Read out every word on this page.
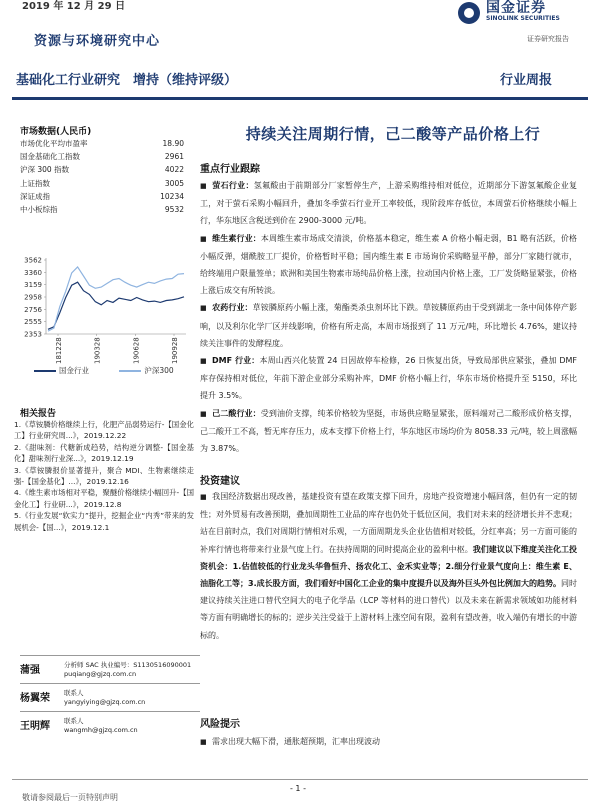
2019 年 12 月 29 日
资源与环境研究中心
国金证券
SINOLINK SECURITIES
证券研究报告
基础化工行业研究　增持（维持评级）	行业周报
市场数据(人民币)
市场优化平均市盈率	18.90
国金基础化工指数	2961
沪深 300 指数	4022
上证指数	3005
深证成指	10234
中小板综指	9532
3562
3360
3159
2958
2756
2555
2353
181228	190328	190628	190928
国金行业	沪深300
相关报告

1.《草铵膦价格继续上行，化肥产品弱势运行-【国金化工】行业研究周...》，2019.12.22

2.《甜味剂：代糖新成趋势，结构逆分调整-【国金基化】甜味剂行业深...》，2019.12.19

3.《草铵膦报价显著提升，聚合 MDI、生物素继续走强-【国金基化】...》，2019.12.16

4.《维生素市场相对平稳，聚醚价格继续小幅回升-【国金化工】行业研...》，2019.12.8

5.《行业发展“软实力”提升，挖掘企业“内秀”带来的发展机会-【国...》，2019.12.1

蒲强	分析师 SAC 执业编号：S1130516090001
puqiang@gjzq.com.cn
杨翼荣 联系人
yangyiying@gjzq.com.cn
王明辉 联系人
wangmh@gjzq.com.cn
持续关注周期行情，己二酸等产品价格上行
重点行业跟踪

■ 萤石行业：氢氟酸由于前期部分厂家暂停生产，上游采购维持相对低位，近期部分下游氢氟酸企业复工，对于萤石采购小幅回升，叠加冬季萤石行业开工率较低，现阶段库存低位，本周萤石价格继续小幅上行，华东地区含税送到价在 2900-3000 元/吨。

■ 维生素行业：本周维生素市场成交清淡，价格基本稳定，维生素 A 价格小幅走弱，B1 略有活跃，价格小幅反弹，烟酰胺工厂提价，价格暂时平稳；国内维生素 E 市场询价采购略显平静，部分厂家随行就市，给终端用户限量签单；欧洲和美国生物素市场纯品价格上涨，拉动国内价格上涨，工厂发货略显紧张，价格上涨后成交有所转淡。

■ 农药行业：草铵膦原药小幅上涨，菊酯类杀虫剂坏比下跌。草铵膦原药由于受到湖北一条中间体停产影响，以及利尔化学厂区并线影响，价格有所走高，本周市场报到了 11 万元/吨，环比增长 4.76%，建议持续关注事件的发酵程度。

■ DMF 行业：本周山西兴化装置 24 日因故停车检修，26 日恢复出货，导致局部供应紧张，叠加 DMF 库存保持相对低位，年前下游企业部分采购补库，DMF 价格小幅上行，华东市场价格提升至 5150，环比提升 3.5%。

■ 己二酸行业：受到油价支撑，纯苯价格较为坚挺，市场供应略显紧张，原料端对己二酸形成价格支撑，己二酸开工不高，暂无库存压力，成本支撑下价格上行，华东地区市场均价为 8058.33 元/吨，较上周涨幅为 3.87%。

投资建议

■ 我国经济数据出现改善，基建投资有望在政策支撑下回升，房地产投资增速小幅回落，但仍有一定的韧性；对外贸易有改善预期，叠加周期性工业品的库存也仍处于低位区间，我们对未来的经济增长并不悲观；站在目前时点，我们对周期行情相对乐观，一方面周期龙头企业估值相对较低，分红率高；另一方面可能的补库行情也将带来行业景气度上行。在扶持周期的同时提高企业的盈利中枢。我们建议以下维度关注化工投资机会：1.估值较低的行业龙头华鲁恒升、扬农化工、金禾实业等；2.细分行业景气度向上：维生素 E、油脂化工等；3.成长股方面，我们看好中国化工企业的集中度提升以及海外巨头外包比例加大的趋势。同时建议持续关注进口替代空间大的电子化学品（LCP 等材料的进口替代）以及未来在新需求领域如功能材料等方面有明确增长的标的；逆步关注受益于上游材料上涨空间有限，盈利有望改善，收入端仍有增长的中游标的。

风险提示

■ 需求出现大幅下滑，通胀超预期，汇率出现波动

- 1 -
敬请参阅最后一页特别声明
